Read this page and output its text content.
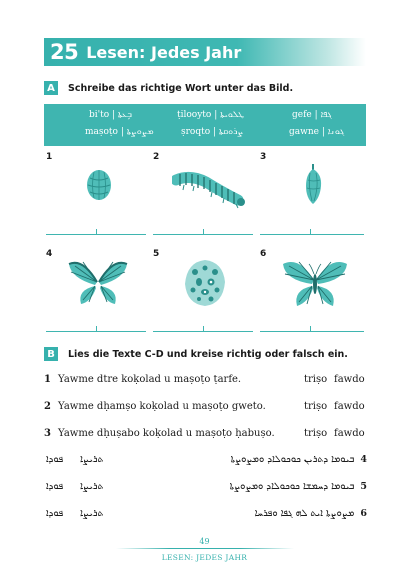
25 Lesen: Jedes Jahr
A	Schreibe das richtige Wort unter das Bild.
bi'to | ܒܹܥܬܐ	ṭilooyto | ܛܠܘܝܬܐ	gefe | ܓܦܐ
maṣoṭo | ܡܨܘܨܬܐ	ṣroqto | ܨܪܘܩܬܐ	gawne | ܓܘܢܐ
1	2	3
4	5	6
B	Lies die Texte C-D und kreise richtig oder falsch ein.
1 Yawme dtre koḳolad u maṣoṭo ṭarfe.	triṣo fawdo
2 Yawme dḥamṣo koḳolad u maṣoṭo gweto.	triṣo fawdo
3 Yawme dḥuṣabo koḳolad u maṣoṭo ḥabuṣo.	triṣo fawdo
ܦܘܕܐ ܬܪܝܨܐ	4ܒܝܘܡܐ ܕܬܪܝܢ ܟܘܟܘܠܐܕ ܘܡܨܘܨܬܐ
ܦܘܕܐ ܬܪܝܨܐ	5ܒܝܘܡܐ ܕܚܡܫܐ ܟܘܟܘܠܐܕ ܘܡܨܘܨܬܐ
ܦܘܕܐ ܬܪܝܨܐ	6ܡܨܘܨܬܐ ܐܝܬ ܠܗ ܓܦܐ ܘܦܪܚܐ
49
LESEN: JEDES JAHR
